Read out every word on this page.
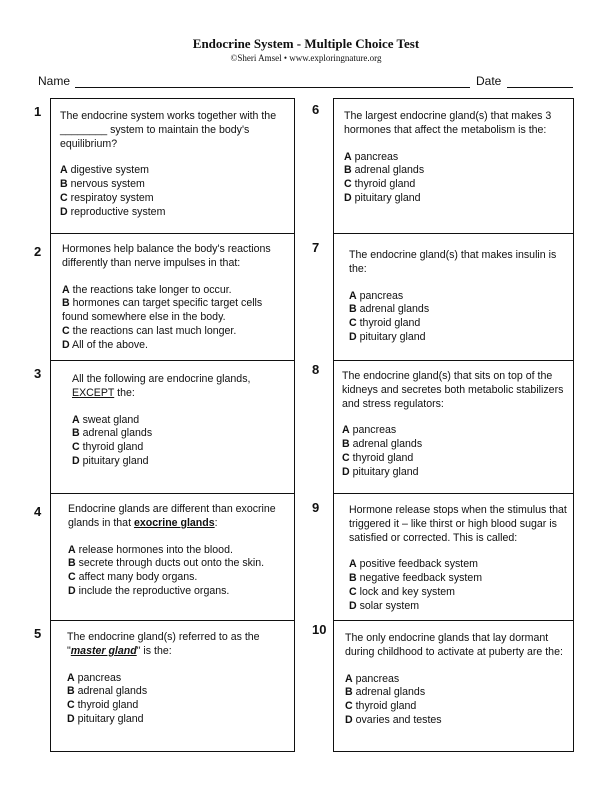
Endocrine System - Multiple Choice Test
©Sheri Amsel • www.exploringnature.org
Name	Date
1 The endocrine system works together with the ________ system to maintain the body's equilibrium?

A digestive system
B nervous system
C respiratoy system
D reproductive system
2 Hormones help balance the body's reactions differently than nerve impulses in that:

A the reactions take longer to occur.
B hormones can target specific target cells found somewhere else in the body.
C the reactions can last much longer.
D All of the above.
3	All the following are endocrine glands,
EXCEPT the:

A sweat gland
B adrenal glands
C thyroid gland
D pituitary gland
4	Endocrine glands are different than exocrine glands in that exocrine glands:

A release hormones into the blood.
B secrete through ducts out onto the skin.
C affect many body organs.
D include the reproductive organs.
5 The endocrine gland(s) referred to as the "master gland" is the:

A pancreas
B adrenal glands
C thyroid gland
D pituitary gland
6 The largest endocrine gland(s) that makes 3 hormones that affect the metabolism is the:

A pancreas
B adrenal glands
C thyroid gland
D pituitary gland
7	The endocrine gland(s) that makes insulin is the:

A pancreas
B adrenal glands
C thyroid gland
D pituitary gland
8 The endocrine gland(s) that sits on top of the kidneys and secretes both metabolic stabilizers and stress regulators:

A pancreas
B adrenal glands
C thyroid gland
D pituitary gland
9	Hormone release stops when the stimulus that triggered it – like thirst or high blood sugar is satisfied or corrected. This is called:

A positive feedback system
B negative feedback system
C lock and key system
D solar system
10

The only endocrine glands that lay dormant during childhood to activate at puberty are the:

A pancreas
B adrenal glands
C thyroid gland
D ovaries and testes
